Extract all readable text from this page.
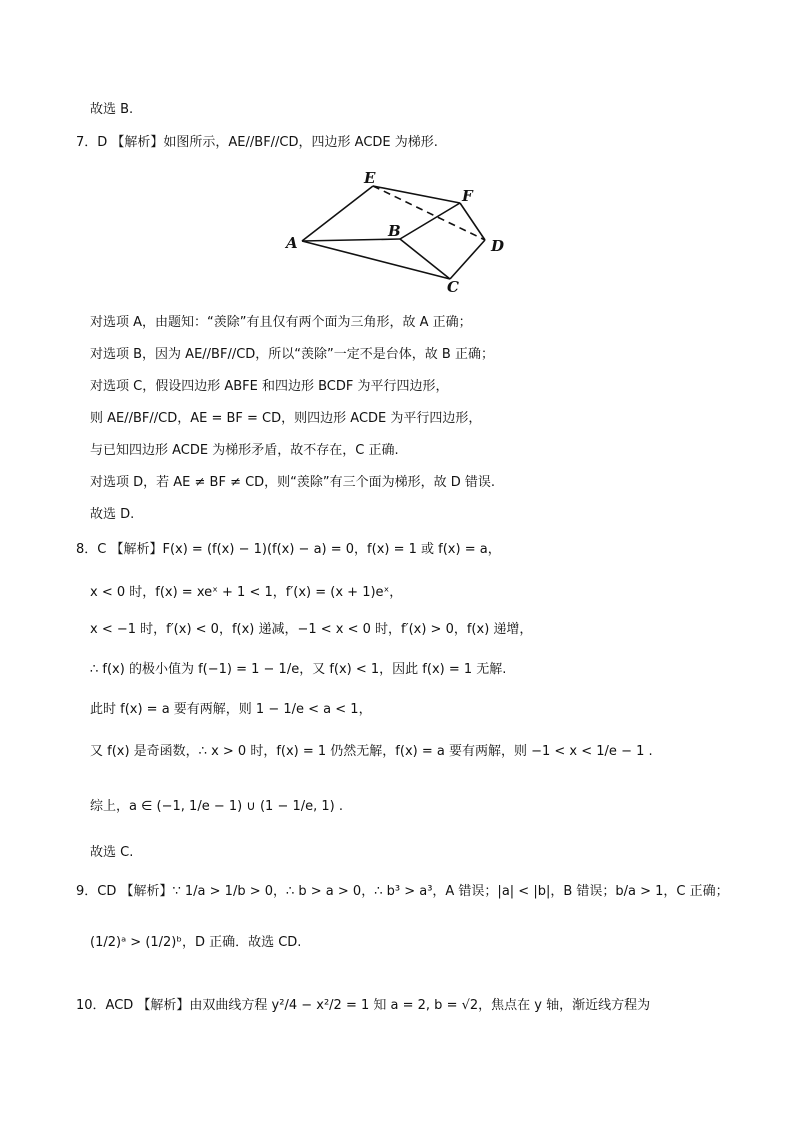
故选 B.
7．D 【解析】如图所示，AE//BF//CD，四边形 ACDE 为梯形.
A
E
F
B
D
C
对选项 A，由题知：“羡除”有且仅有两个面为三角形，故 A 正确；
对选项 B，因为 AE//BF//CD，所以“羡除”一定不是台体，故 B 正确；
对选项 C，假设四边形 ABFE 和四边形 BCDF 为平行四边形，
则 AE//BF//CD，AE = BF = CD，则四边形 ACDE 为平行四边形，
与已知四边形 ACDE 为梯形矛盾，故不存在，C 正确.
对选项 D，若 AE ≠ BF ≠ CD，则“羡除”有三个面为梯形，故 D 错误.
故选 D.
8．C 【解析】F(x) = (f(x) − 1)(f(x) − a) = 0，f(x) = 1 或 f(x) = a，
x < 0 时，f(x) = xeˣ + 1 < 1，f′(x) = (x + 1)eˣ，
x < −1 时，f′(x) < 0，f(x) 递减，−1 < x < 0 时，f′(x) > 0，f(x) 递增，
∴ f(x) 的极小值为 f(−1) = 1 − 1/e，又 f(x) < 1，因此 f(x) = 1 无解.
此时 f(x) = a 要有两解，则 1 − 1/e < a < 1，
又 f(x) 是奇函数，∴ x > 0 时，f(x) = 1 仍然无解，f(x) = a 要有两解，则 −1 < x < 1/e − 1 .
综上，a ∈ (−1, 1/e − 1) ∪ (1 − 1/e, 1) .
故选 C.
9．CD 【解析】∵ 1/a > 1/b > 0，∴ b > a > 0，∴ b³ > a³，A 错误；|a| < |b|，B 错误；b/a > 1，C 正确；
(1/2)ᵃ > (1/2)ᵇ，D 正确．故选 CD.
10．ACD 【解析】由双曲线方程 y²/4 − x²/2 = 1 知 a = 2, b = √2，焦点在 y 轴，渐近线方程为
